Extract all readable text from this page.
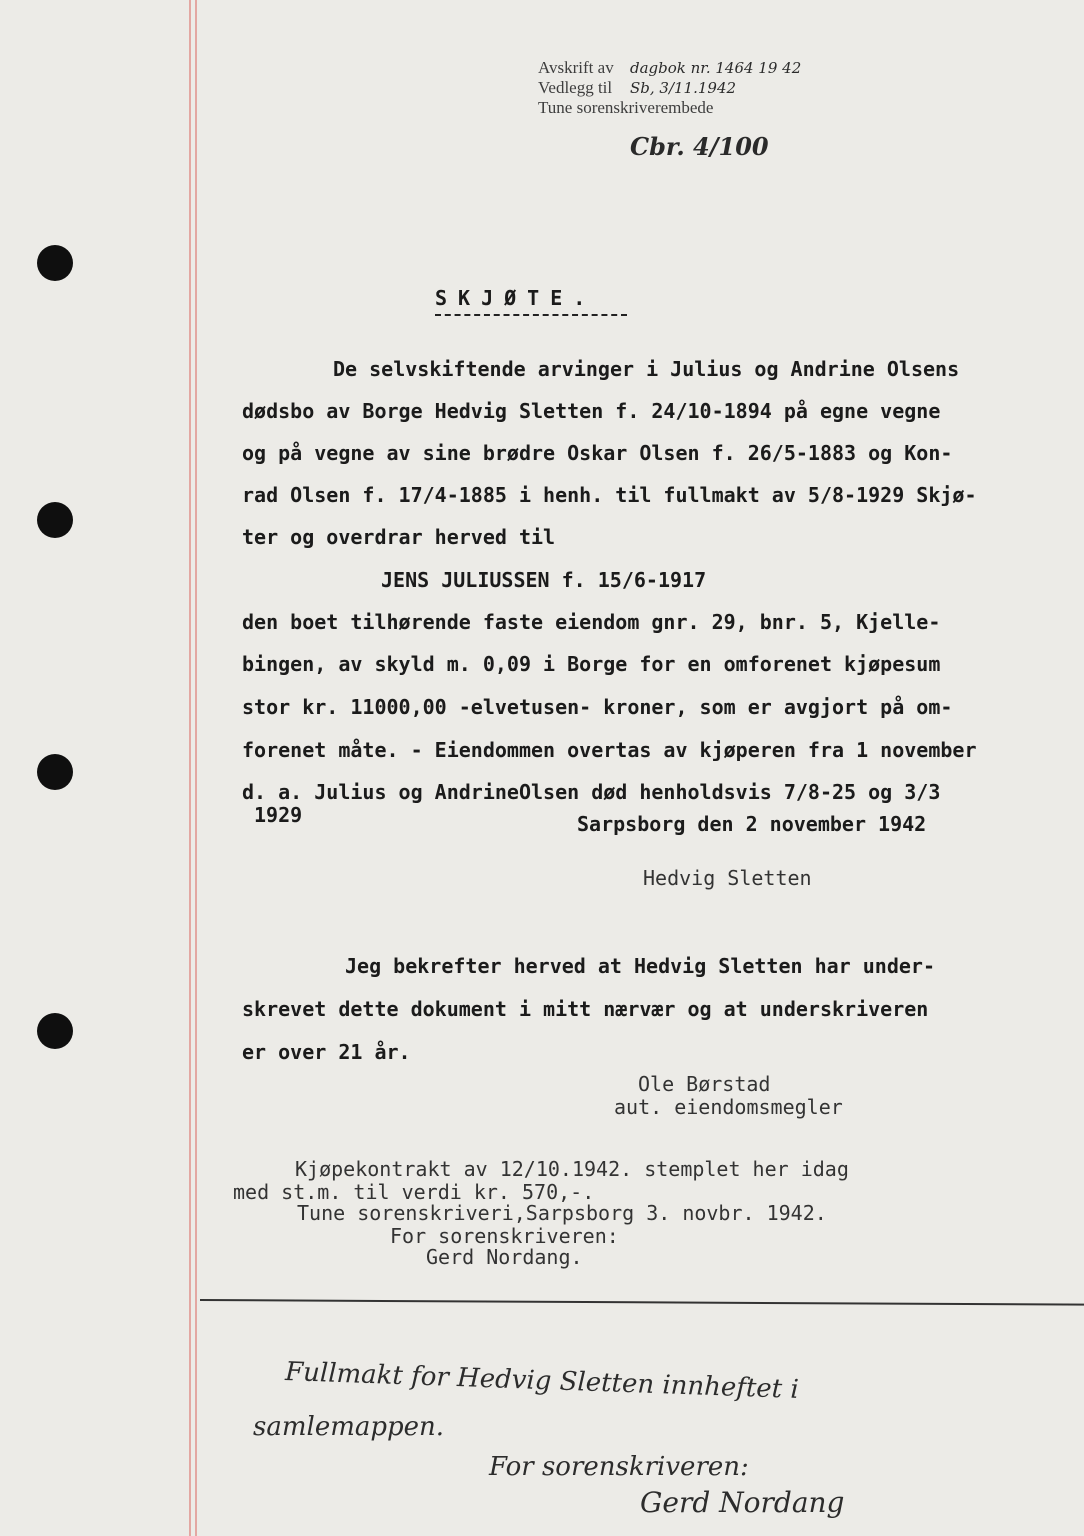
Avskrift av dagbok nr. 1464 19 42
Vedlegg til Sb, 3/11.1942
Tune sorenskriverembede
Cbr. 4/100
SKJØTE.
De selvskiftende arvinger i Julius og Andrine Olsens
dødsbo av Borge Hedvig Sletten f. 24/10-1894 på egne vegne
og på vegne av sine brødre Oskar Olsen f. 26/5-1883 og Kon-
rad Olsen f. 17/4-1885 i henh. til fullmakt av 5/8-1929 Skjø-
ter og overdrar herved til
JENS JULIUSSEN f. 15/6-1917
den boet tilhørende faste eiendom gnr. 29, bnr. 5, Kjelle-
bingen, av skyld m. 0,09 i Borge for en omforenet kjøpesum
stor kr. 11000,00 -elvetusen- kroner, som er avgjort på om-
forenet måte. - Eiendommen overtas av kjøperen fra 1 november
d. a. Julius og AndrineOlsen død henholdsvis 7/8-25 og 3/3
1929	Sarpsborg den 2 november 1942
Hedvig Sletten
Jeg bekrefter herved at Hedvig Sletten har under-
skrevet dette dokument i mitt nærvær og at underskriveren
er over 21 år.
Ole Børstad
aut. eiendomsmegler
Kjøpekontrakt av 12/10.1942. stemplet her idag
med st.m. til verdi kr. 570,-.
Tune sorenskriveri,Sarpsborg 3. novbr. 1942.
For sorenskriveren:
Gerd Nordang.
Fullmakt for Hedvig Sletten innheftet i
samlemappen.
For sorenskriveren:
Gerd Nordang
